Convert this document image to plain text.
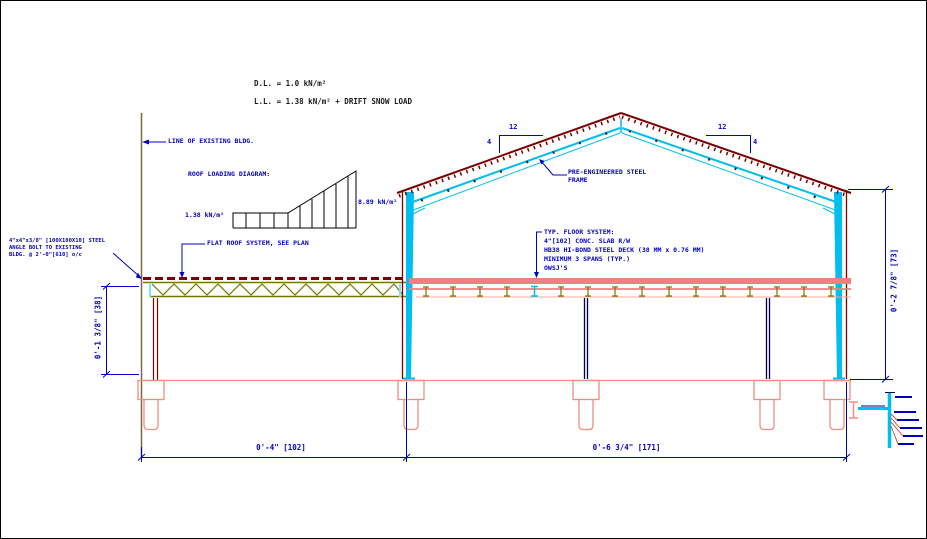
D.L. = 1.0 kN/m²
L.L. = 1.38 kN/m² + DRIFT SNOW LOAD
LINE OF EXISTING BLDG.
ROOF LOADING DIAGRAM:
1.38 kN/m²
8.89 kN/m²
FLAT ROOF SYSTEM, SEE PLAN
4"x4"x3/8" [100X100X10] STEEL
ANGLE BOLT TO EXISTING
BLDG. @ 2'-0"[610] o/c
PRE-ENGINEERED STEEL
FRAME
TYP. FLOOR SYSTEM:
4"[102] CONC. SLAB R/W
HB38 HI-BOND STEEL DECK (38 MM x 0.76 MM)
MINIMUM 3 SPANS (TYP.)
OWSJ'S
12
4
12
4
0'-1 3/8" [38]
0'-2 7/8" [73]
0'-4" [102]	0'-6 3/4" [171]
